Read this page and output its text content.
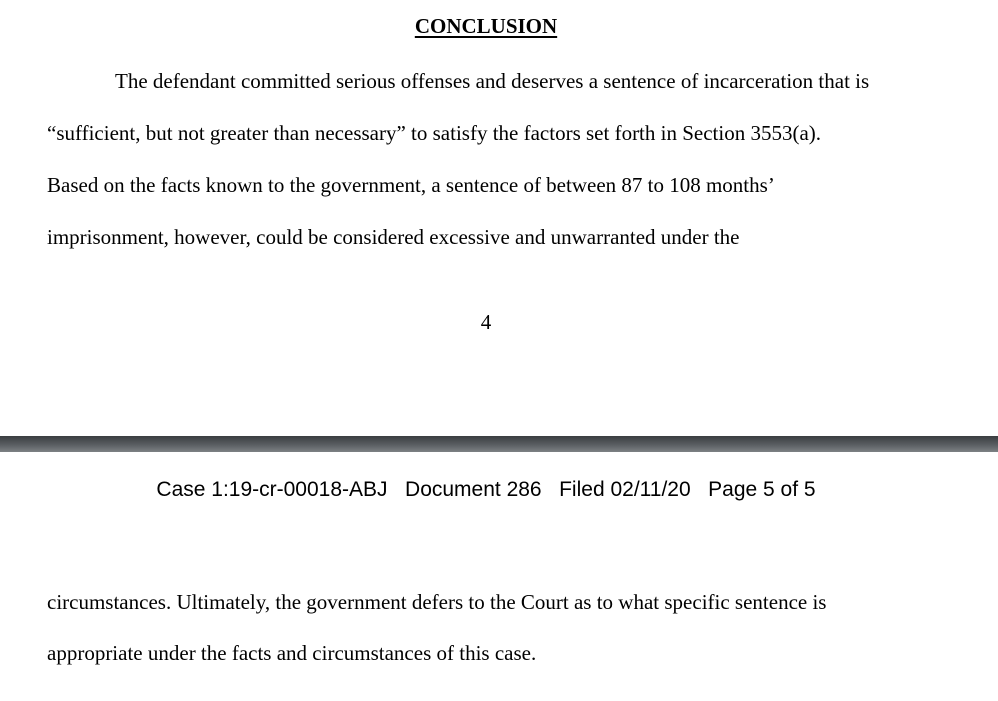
CONCLUSION
The defendant committed serious offenses and deserves a sentence of incarceration that is
“sufficient, but not greater than necessary” to satisfy the factors set forth in Section 3553(a).
Based on the facts known to the government, a sentence of between 87 to 108 months’
imprisonment, however, could be considered excessive and unwarranted under the
4
Case 1:19-cr-00018-ABJ   Document 286   Filed 02/11/20   Page 5 of 5
circumstances. Ultimately, the government defers to the Court as to what specific sentence is
appropriate under the facts and circumstances of this case.
